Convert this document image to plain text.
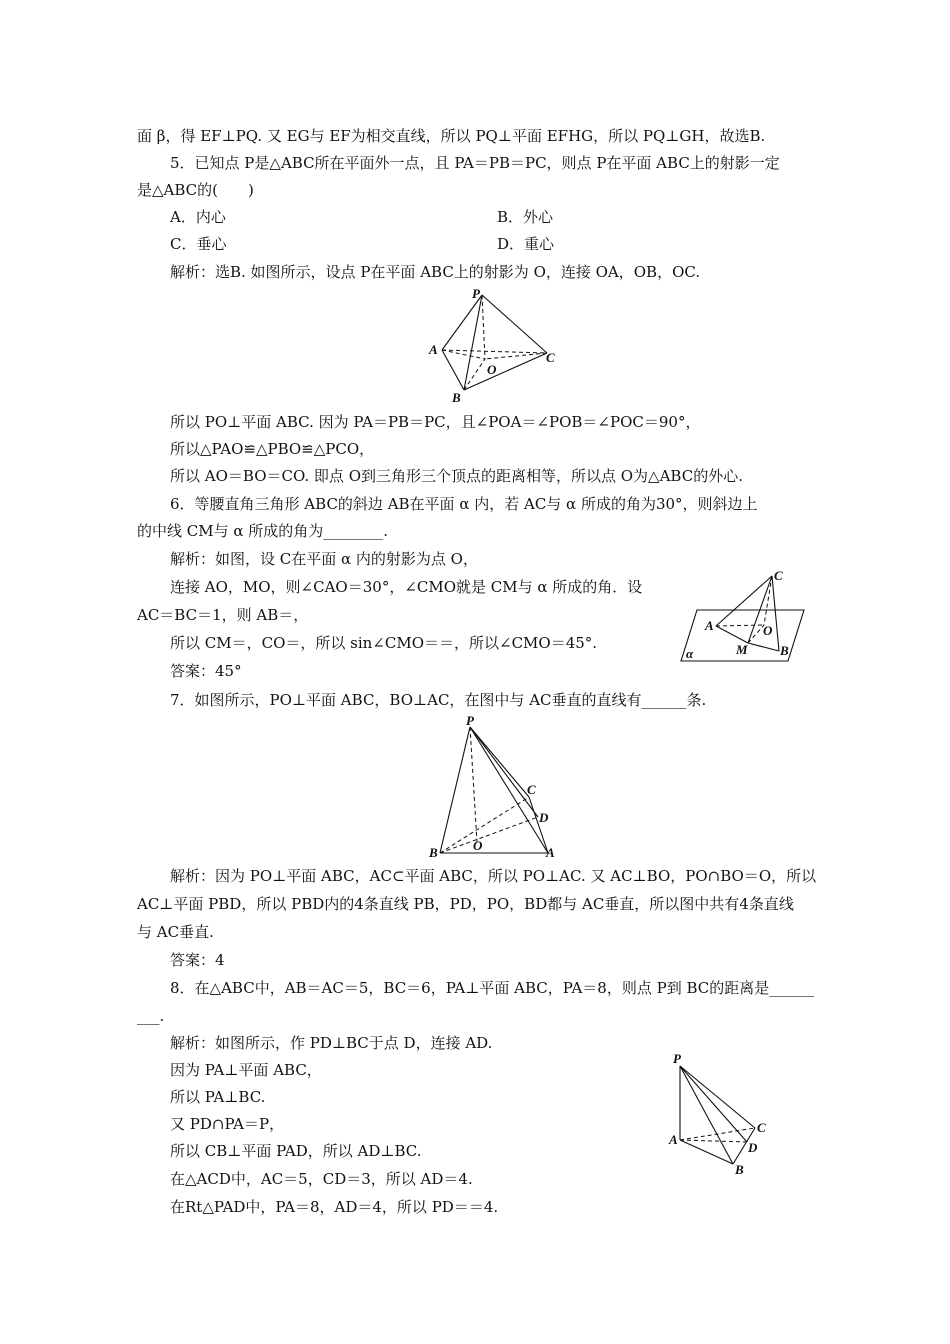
面 β，得 EF⊥PQ. 又 EG与 EF为相交直线，所以 PQ⊥平面 EFHG，所以 PQ⊥GH，故选B.
5．已知点 P是△ABC所在平面外一点，且 PA＝PB＝PC，则点 P在平面 ABC上的射影一定
是△ABC的(　　)
A．内心	B．外心
C．垂心	D．重心
解析：选B. 如图所示，设点 P在平面 ABC上的射影为 O，连接 OA，OB，OC.
P
A
C
O
B
所以 PO⊥平面 ABC. 因为 PA＝PB＝PC，且∠POA＝∠POB＝∠POC＝90°，
所以△PAO≌△PBO≌△PCO，
所以 AO＝BO＝CO. 即点 O到三角形三个顶点的距离相等，所以点 O为△ABC的外心.
6．等腰直角三角形 ABC的斜边 AB在平面 α 内，若 AC与 α 所成的角为30°，则斜边上
的中线 CM与 α 所成的角为________.
解析：如图，设 C在平面 α 内的射影为点 O，
连接 AO，MO，则∠CAO＝30°，∠CMO就是 CM与 α 所成的角．设
AC＝BC＝1，则 AB＝，
所以 CM＝，CO＝，所以 sin∠CMO＝＝，所以∠CMO＝45°.
答案：45°
C
A	O
M B
α
7．如图所示，PO⊥平面 ABC，BO⊥AC，在图中与 AC垂直的直线有______条.
P
C
D
B	O	A
解析：因为 PO⊥平面 ABC，AC⊂平面 ABC，所以 PO⊥AC. 又 AC⊥BO，PO∩BO＝O，所以
AC⊥平面 PBD，所以 PBD内的4条直线 PB，PD，PO，BD都与 AC垂直，所以图中共有4条直线
与 AC垂直.
答案：4
8．在△ABC中，AB＝AC＝5，BC＝6，PA⊥平面 ABC，PA＝8，则点 P到 BC的距离是______
___.
解析：如图所示，作 PD⊥BC于点 D，连接 AD.
因为 PA⊥平面 ABC，
所以 PA⊥BC.
又 PD∩PA＝P，
所以 CB⊥平面 PAD，所以 AD⊥BC.
在△ACD中，AC＝5，CD＝3，所以 AD＝4.
在Rt△PAD中，PA＝8，AD＝4，所以 PD＝＝4.
P
C
A
D
B
